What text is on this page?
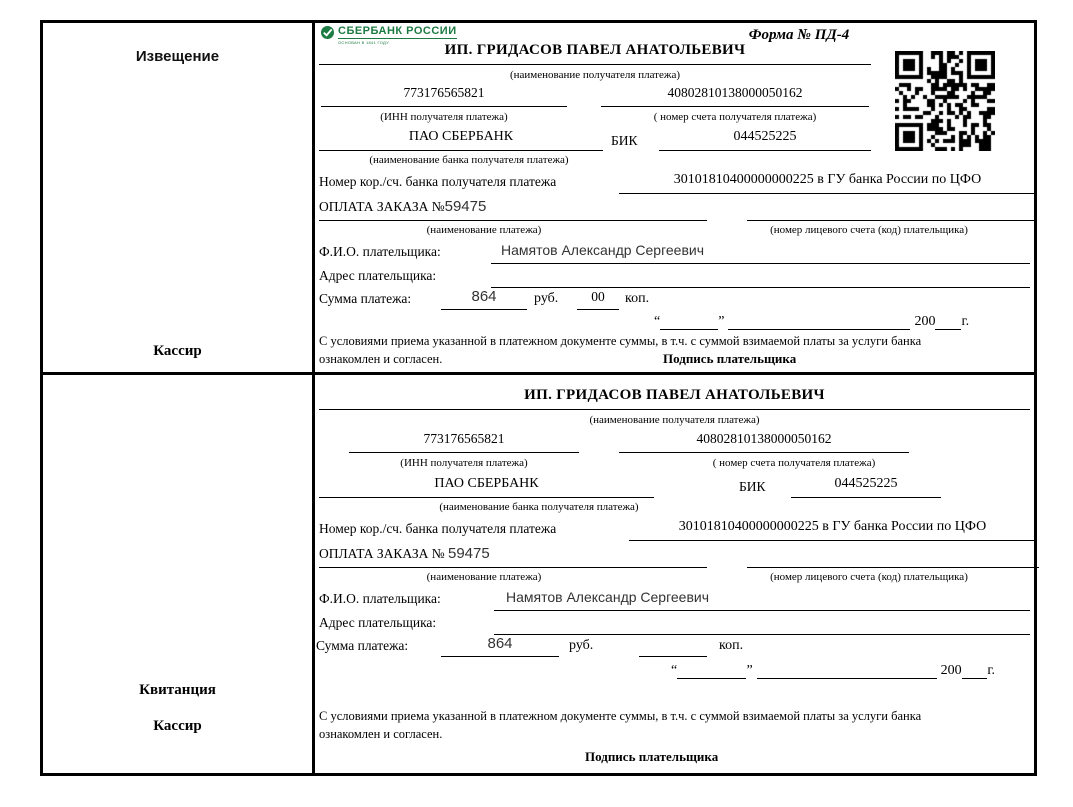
Извещение
Кассир
СБЕРБАНК РОССИИ
ОСНОВАН В 1841 ГОДУ	Форма № ПД-4
ИП. ГРИДАСОВ ПАВЕЛ АНАТОЛЬЕВИЧ
(наименование получателя платежа)
773176565821	40802810138000050162
(ИНН получателя платежа)	( номер счета получателя платежа)
ПАО СБЕРБАНК	БИК	044525225
(наименование банка получателя платежа)
Номер кор./сч. банка получателя платежа	30101810400000000225 в ГУ банка России по ЦФО
ОПЛАТА ЗАКАЗА №59475
(наименование платежа)	(номер лицевого счета (код) плательщика)
Ф.И.О. плательщика:	Намятов Александр Сергеевич
Адрес плательщика:
Сумма платежа:	864	руб.	00	коп.
“	”	200 г.
С условиями приема указанной в платежном документе суммы, в т.ч. с суммой взимаемой платы за услуги банка
ознакомлен и согласен.	Подпись плательщика
Квитанция
Кассир
ИП. ГРИДАСОВ ПАВЕЛ АНАТОЛЬЕВИЧ
(наименование получателя платежа)
773176565821	40802810138000050162
(ИНН получателя платежа)	( номер счета получателя платежа)
ПАО СБЕРБАНК	БИК	044525225
(наименование банка получателя платежа)
Номер кор./сч. банка получателя платежа	30101810400000000225 в ГУ банка России по ЦФО
ОПЛАТА ЗАКАЗА № 59475
(наименование платежа)	(номер лицевого счета (код) плательщика)
Ф.И.О. плательщика:	Намятов Александр Сергеевич
Адрес плательщика:
Сумма платежа:	864	руб.	коп.
“	”	200 г.
С условиями приема указанной в платежном документе суммы, в т.ч. с суммой взимаемой платы за услуги банка
ознакомлен и согласен.
Подпись плательщика
